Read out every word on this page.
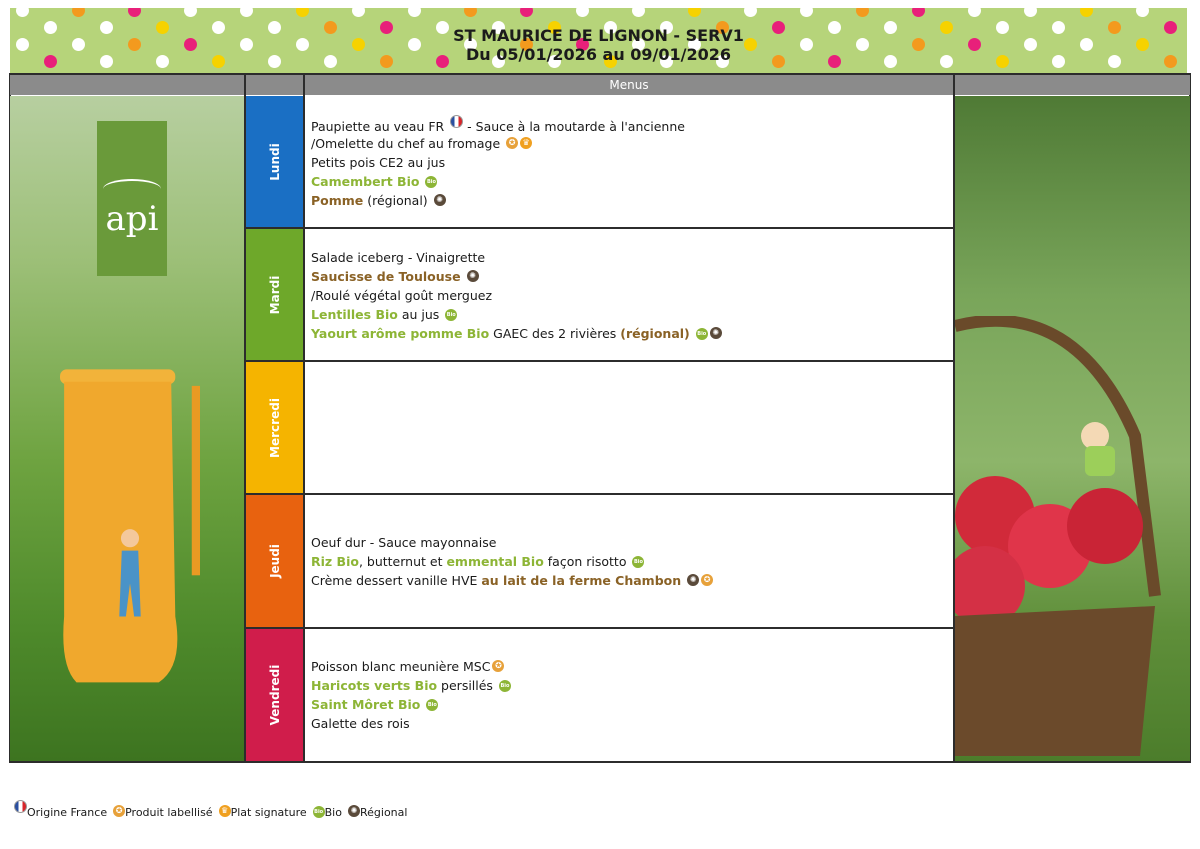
ST MAURICE DE LIGNON - SERV1
Du 05/01/2026 au 09/01/2026
Menus
api
Lundi
Paupiette au veau FR  - Sauce à la moutarde à l'ancienne
/Omelette du chef au fromage ✪ ♛
Petits pois CE2 au jus
Camembert Bio Bio
Pomme (régional) ✺
Mardi
Salade iceberg - Vinaigrette
Saucisse de Toulouse ✺
/Roulé végétal goût merguez
Lentilles Bio au jus Bio
Yaourt arôme pomme Bio GAEC des 2 rivières (régional) Bio ✺
Mercredi
Jeudi
Oeuf dur - Sauce mayonnaise
Riz Bio, butternut et emmental Bio façon risotto Bio
Crème dessert vanille HVE au lait de la ferme Chambon ✺ ✪
Vendredi Poisson blanc meunière MSC ✪
Haricots verts Bio persillés Bio
Saint Môret Bio Bio
Galette des rois
Origine France ✪ Produit labellisé ♛ Plat signature Bio Bio ✺ Régional
